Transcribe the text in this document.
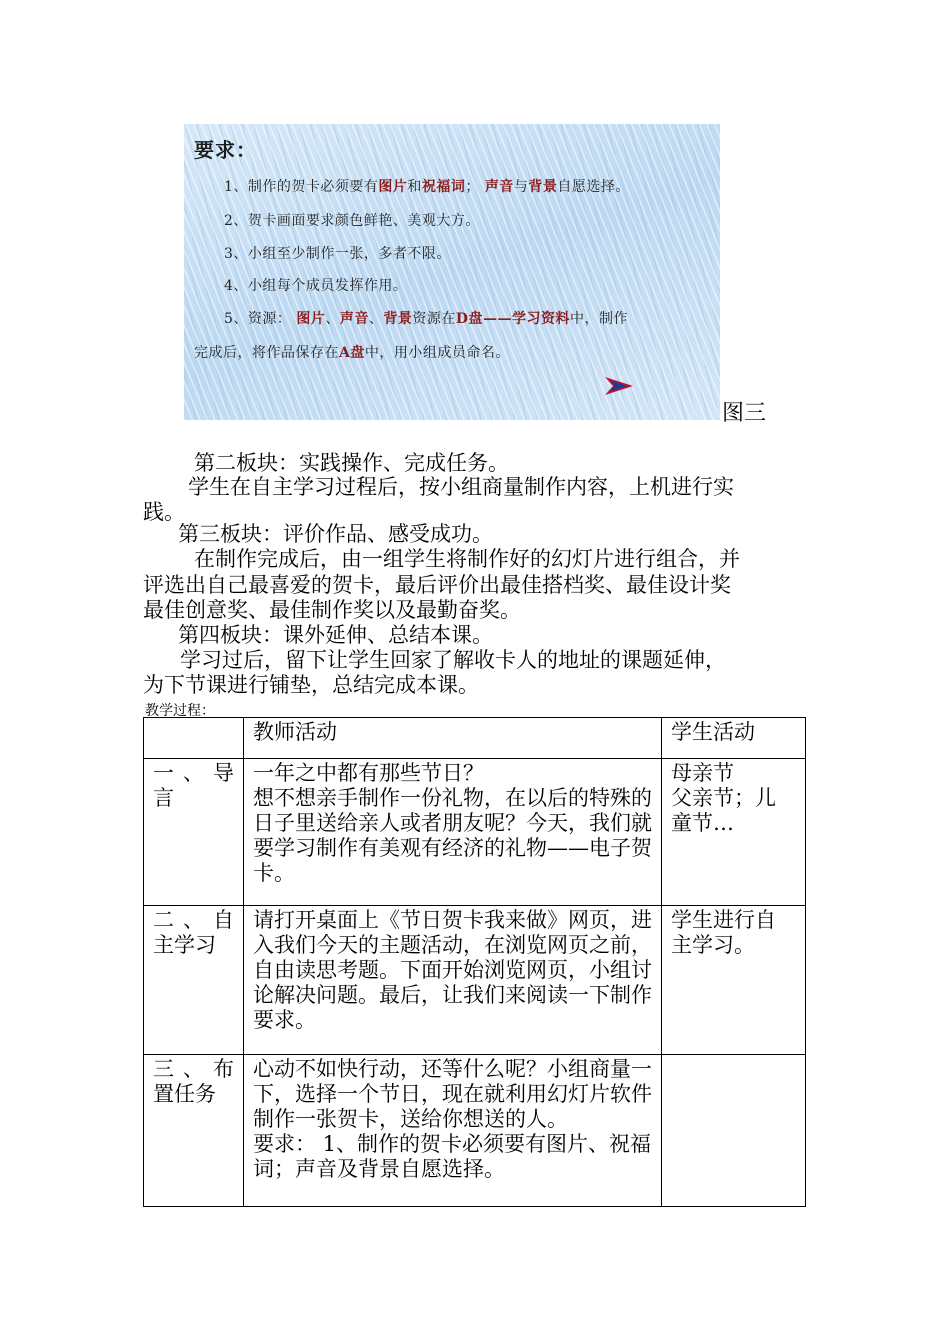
要求：
1、制作的贺卡必须要有图片和祝福词； 声音与背景自愿选择。
2、贺卡画面要求颜色鲜艳、美观大方。
3、小组至少制作一张，多者不限。
4、小组每个成员发挥作用。
5、资源： 图片、声音、背景资源在D盘——学习资料中，制作
完成后，将作品保存在A盘中，用小组成员命名。
图三
第二板块：实践操作、完成任务。
学生在自主学习过程后，按小组商量制作内容，上机进行实
践。
第三板块：评价作品、感受成功。
在制作完成后，由一组学生将制作好的幻灯片进行组合，并
评选出自己最喜爱的贺卡，最后评价出最佳搭档奖、最佳设计奖
最佳创意奖、最佳制作奖以及最勤奋奖。
第四板块：课外延伸、总结本课。
学习过后，留下让学生回家了解收卡人的地址的课题延伸，
为下节课进行铺垫，总结完成本课。
教学过程：
	教师活动	学生活动
一、导言	一年之中都有那些节日？
想不想亲手制作一份礼物，在以后的特殊的日子里送给亲人或者朋友呢？今天，我们就要学习制作有美观有经济的礼物——电子贺卡。	母亲节
父亲节；儿童节…
二、自主学习	请打开桌面上《节日贺卡我来做》网页，进入我们今天的主题活动，在浏览网页之前，自由读思考题。下面开始浏览网页，小组讨论解决问题。最后，让我们来阅读一下制作要求。	学生进行自主学习。
三、布置任务	心动不如快行动，还等什么呢？小组商量一下，选择一个节日，现在就利用幻灯片软件制作一张贺卡，送给你想送的人。
要求： 1、制作的贺卡必须要有图片、祝福词；声音及背景自愿选择。	
